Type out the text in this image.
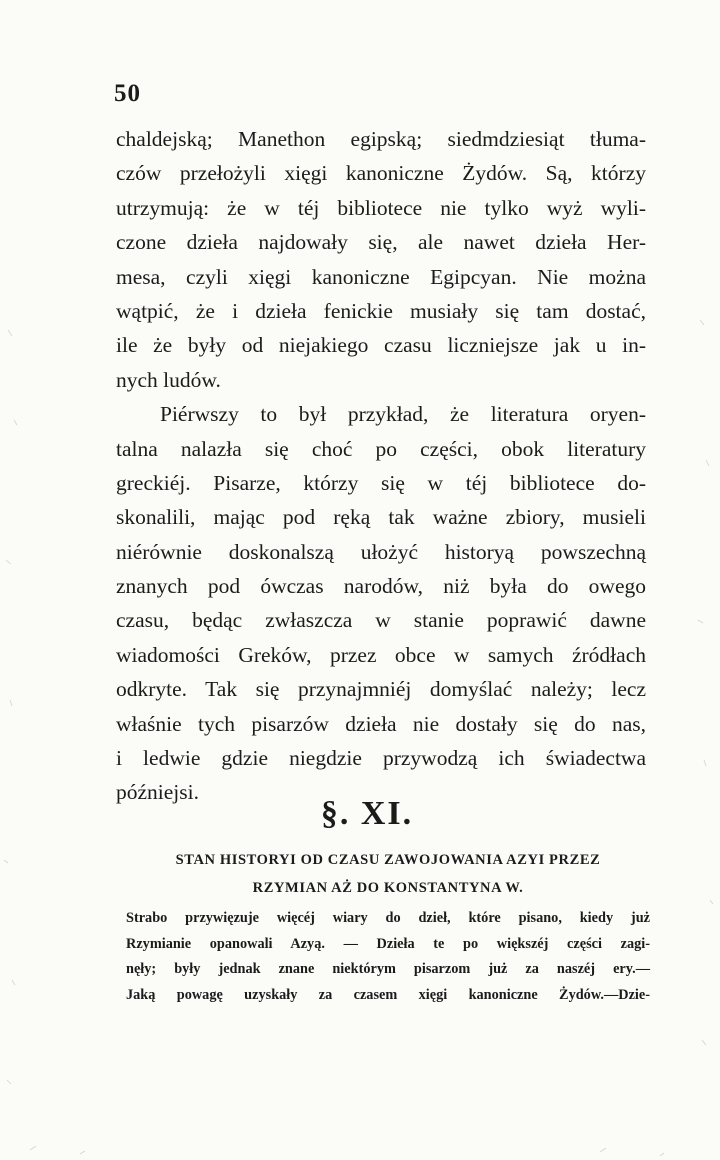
50
chaldejską; Manethon egipską; siedmdziesiąt tłuma-
czów przełożyli xięgi kanoniczne Żydów. Są, którzy
utrzymują: że w téj bibliotece nie tylko wyż wyli-
czone dzieła najdowały się, ale nawet dzieła Her-
mesa, czyli xięgi kanoniczne Egipcyan. Nie można
wątpić, że i dzieła fenickie musiały się tam dostać,
ile że były od niejakiego czasu liczniejsze jak u in-
nych ludów.
Piérwszy to był przykład, że literatura oryen-
talna nalazła się choć po części, obok literatury
greckiéj. Pisarze, którzy się w téj bibliotece do-
skonalili, mając pod ręką tak ważne zbiory, musieli
niérównie doskonalszą ułożyć historyą powszechną
znanych pod ówczas narodów, niż była do owego
czasu, będąc zwłaszcza w stanie poprawić dawne
wiadomości Greków, przez obce w samych źródłach
odkryte. Tak się przynajmniéj domyślać należy; lecz
właśnie tych pisarzów dzieła nie dostały się do nas,
i ledwie gdzie niegdzie przywodzą ich świadectwa
późniejsi.
§. XI.
STAN HISTORYI OD CZASU ZAWOJOWANIA AZYI PRZEZ
RZYMIAN AŻ DO KONSTANTYNA W.
Strabo przywięzuje więcéj wiary do dzieł, które pisano, kiedy już
Rzymianie opanowali Azyą. — Dzieła te po większéj części zagi-
nęły; były jednak znane niektórym pisarzom już za naszéj ery.—
Jaką powagę uzyskały za czasem xięgi kanoniczne Żydów.—Dzie-
